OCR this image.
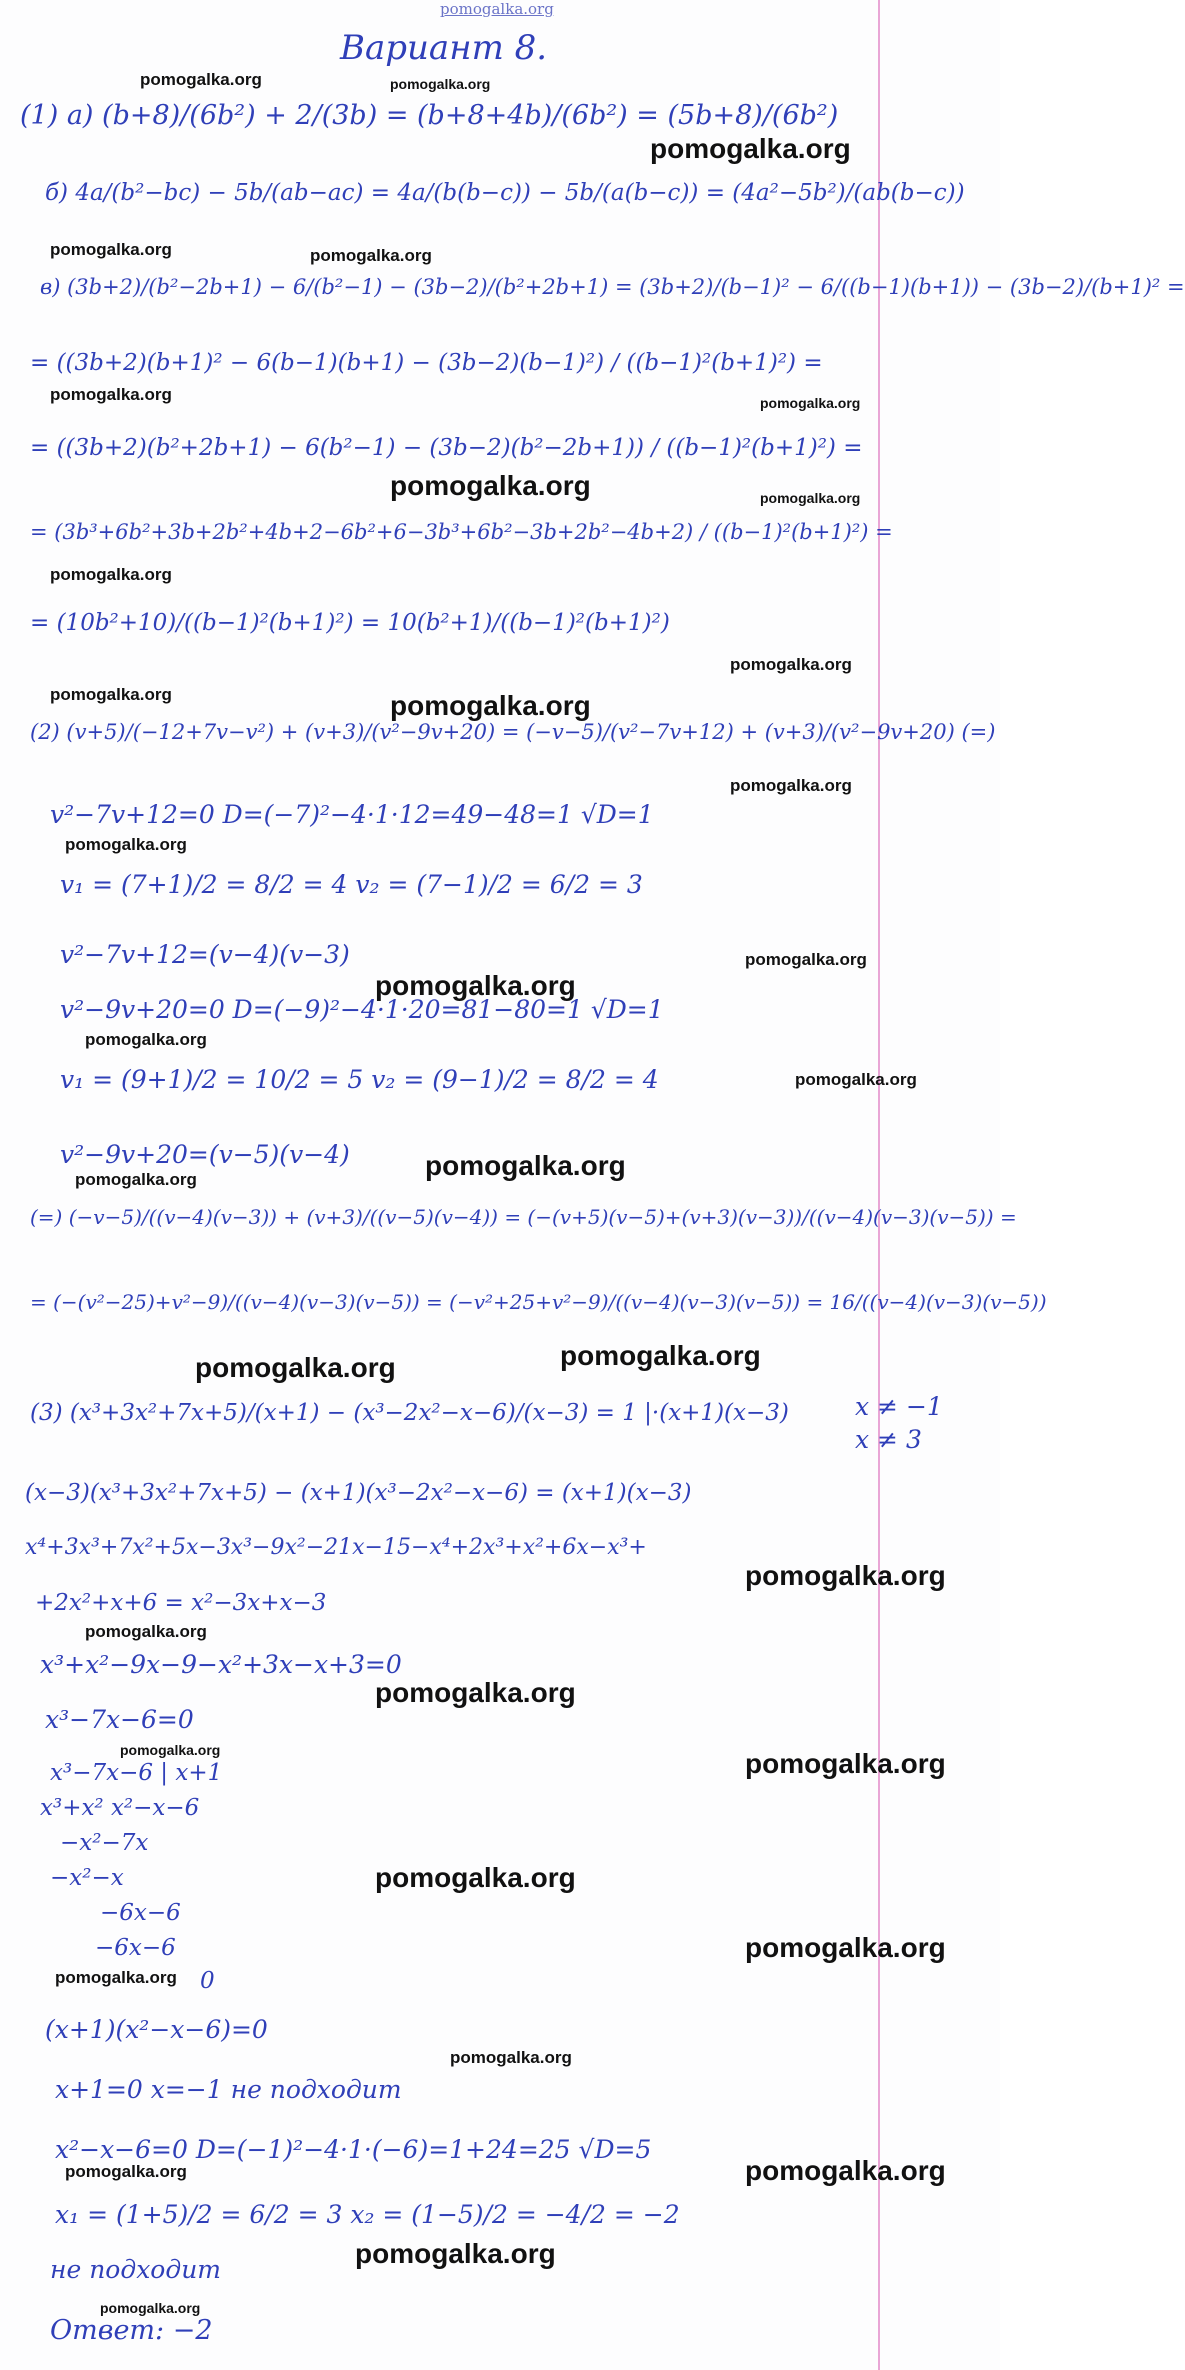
pomogalka.org
Вариант 8.
(1) a) (b+8)/(6b²) + 2/(3b) = (b+8+4b)/(6b²) = (5b+8)/(6b²)
б) 4a/(b²−bc) − 5b/(ab−ac) = 4a/(b(b−c)) − 5b/(a(b−c)) = (4a²−5b²)/(ab(b−c))
в) (3b+2)/(b²−2b+1) − 6/(b²−1) − (3b−2)/(b²+2b+1) = (3b+2)/(b−1)² − 6/((b−1)(b+1)) − (3b−2)/(b+1)² =
= ((3b+2)(b+1)² − 6(b−1)(b+1) − (3b−2)(b−1)²) / ((b−1)²(b+1)²) =
= ((3b+2)(b²+2b+1) − 6(b²−1) − (3b−2)(b²−2b+1)) / ((b−1)²(b+1)²) =
= (3b³+6b²+3b+2b²+4b+2−6b²+6−3b³+6b²−3b+2b²−4b+2) / ((b−1)²(b+1)²) =
= (10b²+10)/((b−1)²(b+1)²) = 10(b²+1)/((b−1)²(b+1)²)
(2) (v+5)/(−12+7v−v²) + (v+3)/(v²−9v+20) = (−v−5)/(v²−7v+12) + (v+3)/(v²−9v+20) (=)
v²−7v+12=0 D=(−7)²−4·1·12=49−48=1 √D=1
v₁ = (7+1)/2 = 8/2 = 4 v₂ = (7−1)/2 = 6/2 = 3
v²−7v+12=(v−4)(v−3)
v²−9v+20=0 D=(−9)²−4·1·20=81−80=1 √D=1
v₁ = (9+1)/2 = 10/2 = 5 v₂ = (9−1)/2 = 8/2 = 4
v²−9v+20=(v−5)(v−4)
(=) (−v−5)/((v−4)(v−3)) + (v+3)/((v−5)(v−4)) = (−(v+5)(v−5)+(v+3)(v−3))/((v−4)(v−3)(v−5)) =
= (−(v²−25)+v²−9)/((v−4)(v−3)(v−5)) = (−v²+25+v²−9)/((v−4)(v−3)(v−5)) = 16/((v−4)(v−3)(v−5))
(3) (x³+3x²+7x+5)/(x+1) − (x³−2x²−x−6)/(x−3) = 1 |·(x+1)(x−3)	x ≠ −1
x ≠ 3
(x−3)(x³+3x²+7x+5) − (x+1)(x³−2x²−x−6) = (x+1)(x−3)
x⁴+3x³+7x²+5x−3x³−9x²−21x−15−x⁴+2x³+x²+6x−x³+
+2x²+x+6 = x²−3x+x−3
x³+x²−9x−9−x²+3x−x+3=0
x³−7x−6=0
x³−7x−6 | x+1
x³+x² x²−x−6
−x²−7x
−x²−x
−6x−6
−6x−6
0
(x+1)(x²−x−6)=0
x+1=0 x=−1 не подходит
x²−x−6=0 D=(−1)²−4·1·(−6)=1+24=25 √D=5
x₁ = (1+5)/2 = 6/2 = 3 x₂ = (1−5)/2 = −4/2 = −2
не подходит
Ответ: −2
pomogalka.org	pomogalka.org
pomogalka.org
pomogalka.org	pomogalka.org
pomogalka.org	pomogalka.org
pomogalka.org	pomogalka.org
pomogalka.org
pomogalka.org
pomogalka.org	pomogalka.org
pomogalka.org
pomogalka.org
pomogalka.org
pomogalka.org
pomogalka.org
pomogalka.org
pomogalka.org	pomogalka.org
pomogalka.org	pomogalka.org
pomogalka.org
pomogalka.org
pomogalka.org
pomogalka.org	pomogalka.org
pomogalka.org
pomogalka.org
pomogalka.org
pomogalka.org
pomogalka.org	pomogalka.org
pomogalka.org
pomogalka.org
